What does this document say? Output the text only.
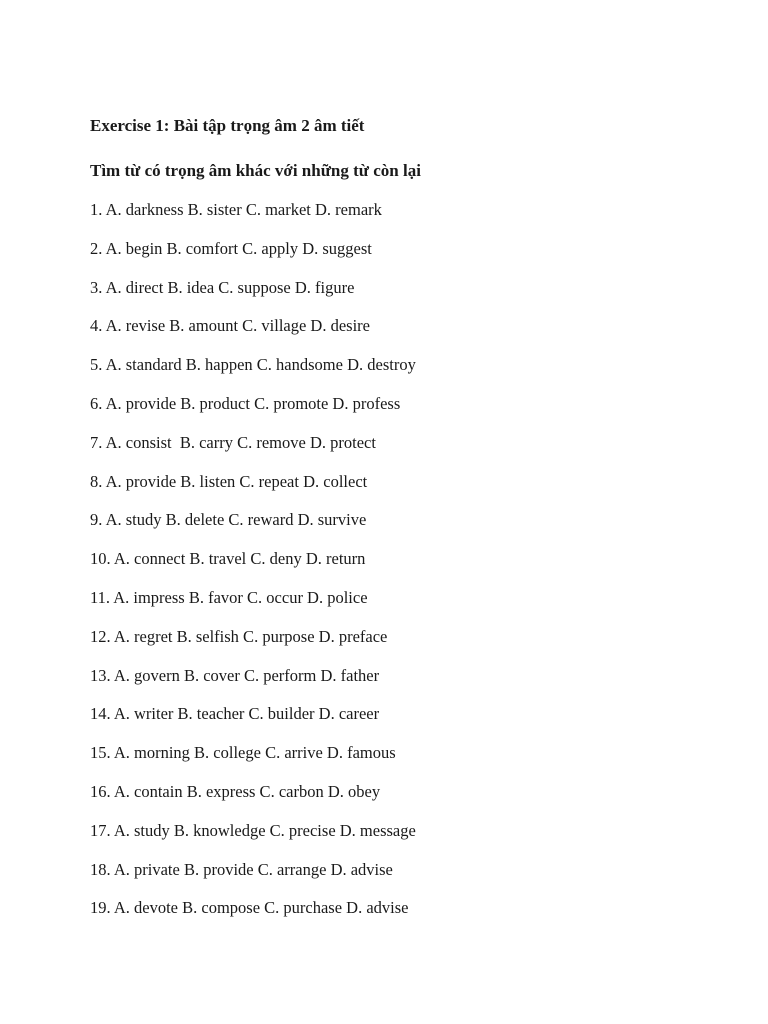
Exercise 1: Bài tập trọng âm 2 âm tiết
Tìm từ có trọng âm khác với những từ còn lại
1. A. darkness B. sister C. market D. remark
2. A. begin B. comfort C. apply D. suggest
3. A. direct B. idea C. suppose D. figure
4. A. revise B. amount C. village D. desire
5. A. standard B. happen C. handsome D. destroy
6. A. provide B. product C. promote D. profess
7. A. consist  B. carry C. remove D. protect
8. A. provide B. listen C. repeat D. collect
9. A. study B. delete C. reward D. survive
10. A. connect B. travel C. deny D. return
11. A. impress B. favor C. occur D. police
12. A. regret B. selfish C. purpose D. preface
13. A. govern B. cover C. perform D. father
14. A. writer B. teacher C. builder D. career
15. A. morning B. college C. arrive D. famous
16. A. contain B. express C. carbon D. obey
17. A. study B. knowledge C. precise D. message
18. A. private B. provide C. arrange D. advise
19. A. devote B. compose C. purchase D. advise
